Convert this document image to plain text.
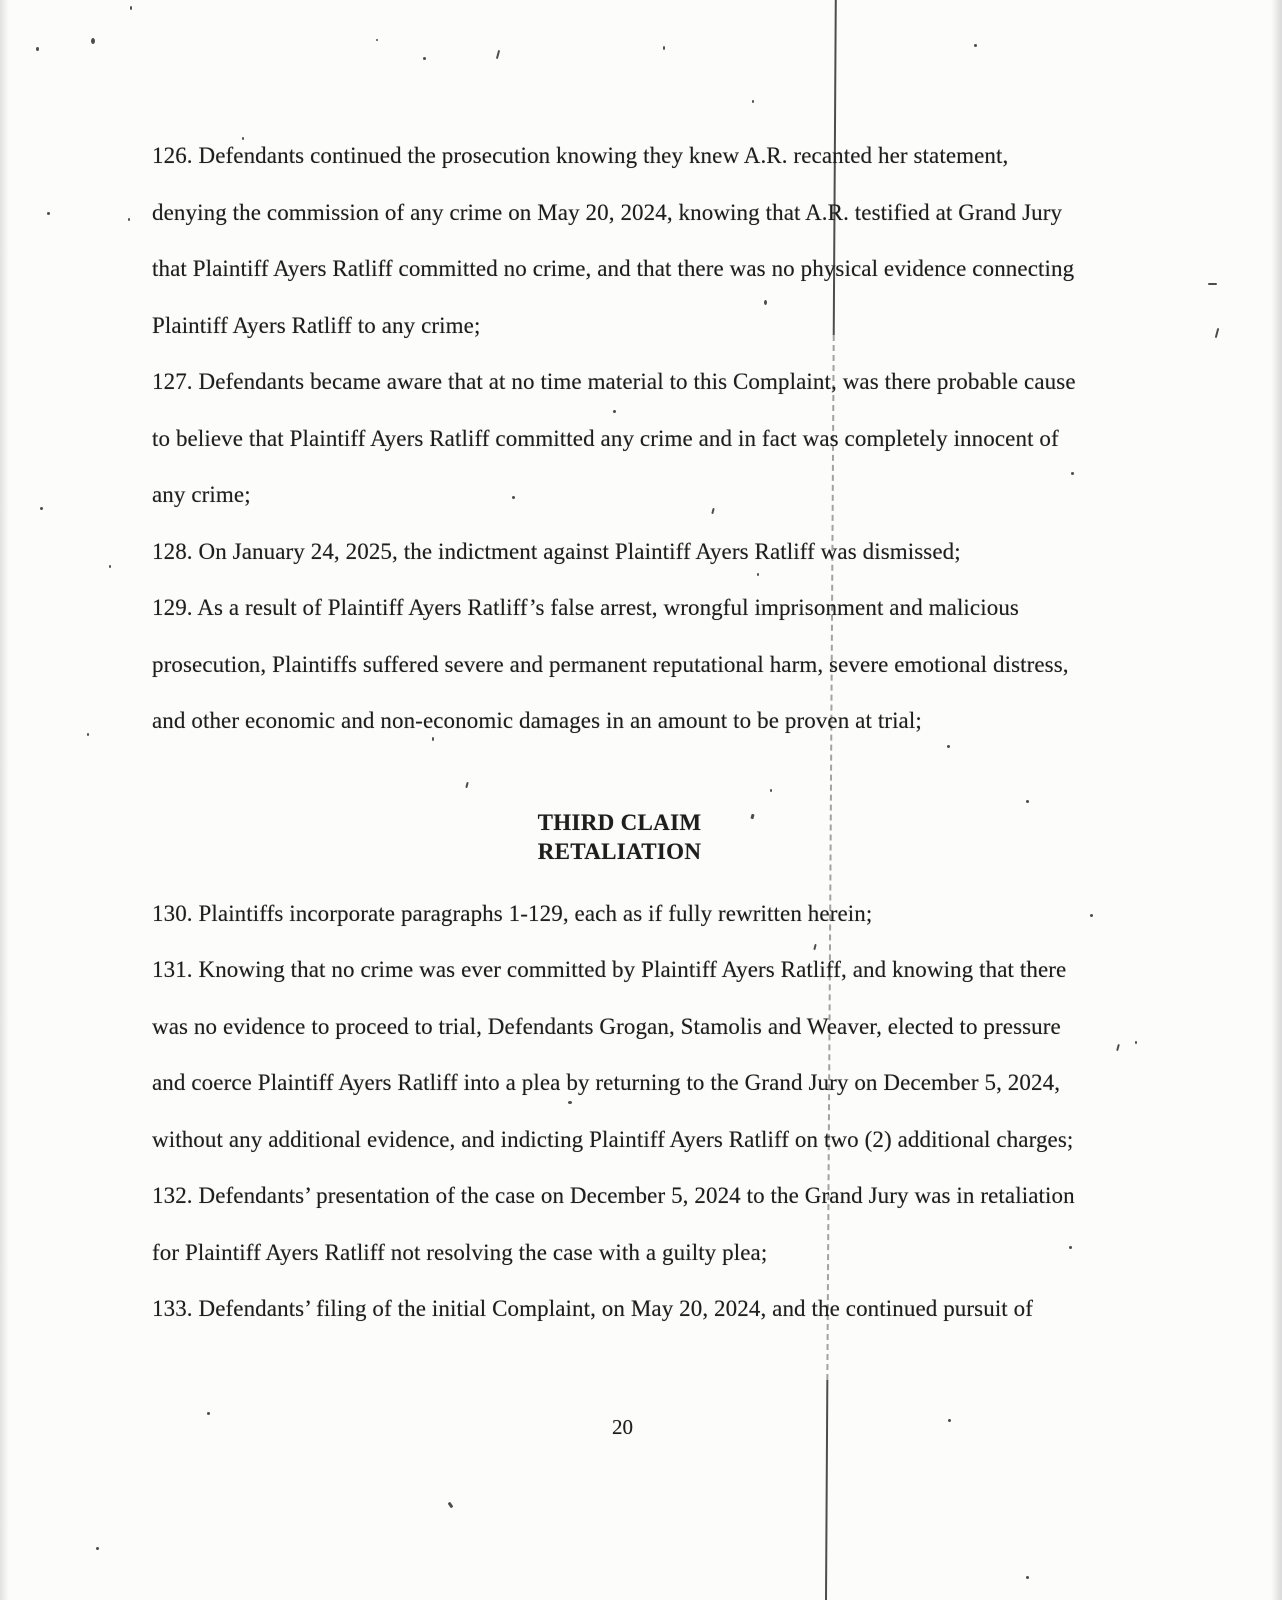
126. Defendants continued the prosecution knowing they knew A.R. recanted her statement, denying the commission of any crime on May 20, 2024, knowing that A.R. testified at Grand Jury that Plaintiff Ayers Ratliff committed no crime, and that there was no physical evidence connecting Plaintiff Ayers Ratliff to any crime;
127. Defendants became aware that at no time material to this Complaint, was there probable cause to believe that Plaintiff Ayers Ratliff committed any crime and in fact was completely innocent of any crime;
128. On January 24, 2025, the indictment against Plaintiff Ayers Ratliff was dismissed;
129. As a result of Plaintiff Ayers Ratliff’s false arrest, wrongful imprisonment and malicious prosecution, Plaintiffs suffered severe and permanent reputational harm, severe emotional distress, and other economic and non-economic damages in an amount to be proven at trial;
THIRD CLAIM
RETALIATION
130. Plaintiffs incorporate paragraphs 1-129, each as if fully rewritten herein;
131. Knowing that no crime was ever committed by Plaintiff Ayers Ratliff, and knowing that there was no evidence to proceed to trial, Defendants Grogan, Stamolis and Weaver, elected to pressure and coerce Plaintiff Ayers Ratliff into a plea by returning to the Grand Jury on December 5, 2024, without any additional evidence, and indicting Plaintiff Ayers Ratliff on two (2) additional charges;
132. Defendants’ presentation of the case on December 5, 2024 to the Grand Jury was in retaliation for Plaintiff Ayers Ratliff not resolving the case with a guilty plea;
133. Defendants’ filing of the initial Complaint, on May 20, 2024, and the continued pursuit of
20
